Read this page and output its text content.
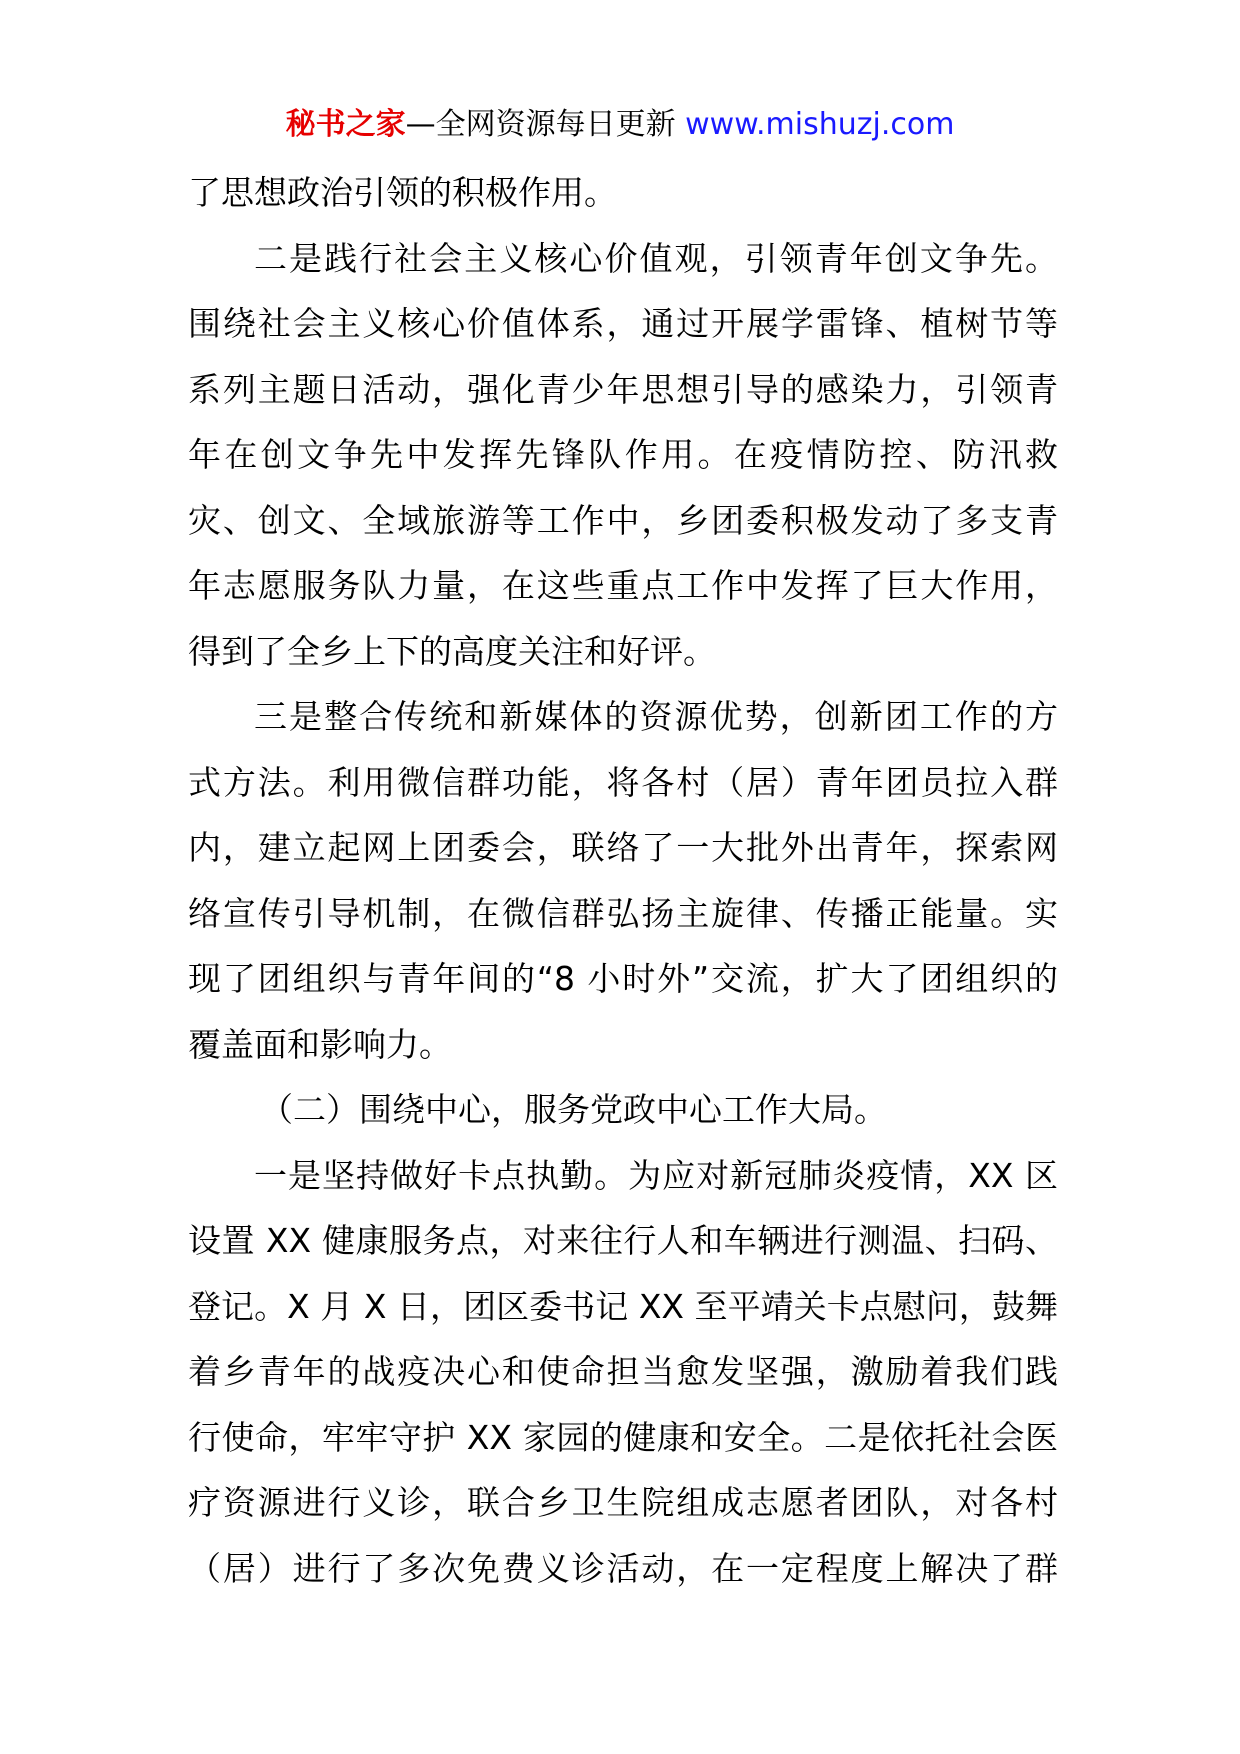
秘书之家—全网资源每日更新 www.mishuzj.com
了思想政治引领的积极作用。
二是践行社会主义核心价值观，引领青年创文争先。
围绕社会主义核心价值体系，通过开展学雷锋、植树节等
系列主题日活动，强化青少年思想引导的感染力，引领青
年在创文争先中发挥先锋队作用。在疫情防控、防汛救
灾、创文、全域旅游等工作中，乡团委积极发动了多支青
年志愿服务队力量，在这些重点工作中发挥了巨大作用，
得到了全乡上下的高度关注和好评。
三是整合传统和新媒体的资源优势，创新团工作的方
式方法。利用微信群功能，将各村（居）青年团员拉入群
内，建立起网上团委会，联络了一大批外出青年，探索网
络宣传引导机制，在微信群弘扬主旋律、传播正能量。实
现了团组织与青年间的“8 小时外”交流，扩大了团组织的
覆盖面和影响力。
（二）围绕中心，服务党政中心工作大局。
一是坚持做好卡点执勤。为应对新冠肺炎疫情，XX 区
设置 XX 健康服务点，对来往行人和车辆进行测温、扫码、
登记。X 月 X 日，团区委书记 XX 至平靖关卡点慰问，鼓舞
着乡青年的战疫决心和使命担当愈发坚强，激励着我们践
行使命，牢牢守护 XX 家园的健康和安全。二是依托社会医
疗资源进行义诊，联合乡卫生院组成志愿者团队，对各村
（居）进行了多次免费义诊活动，在一定程度上解决了群
